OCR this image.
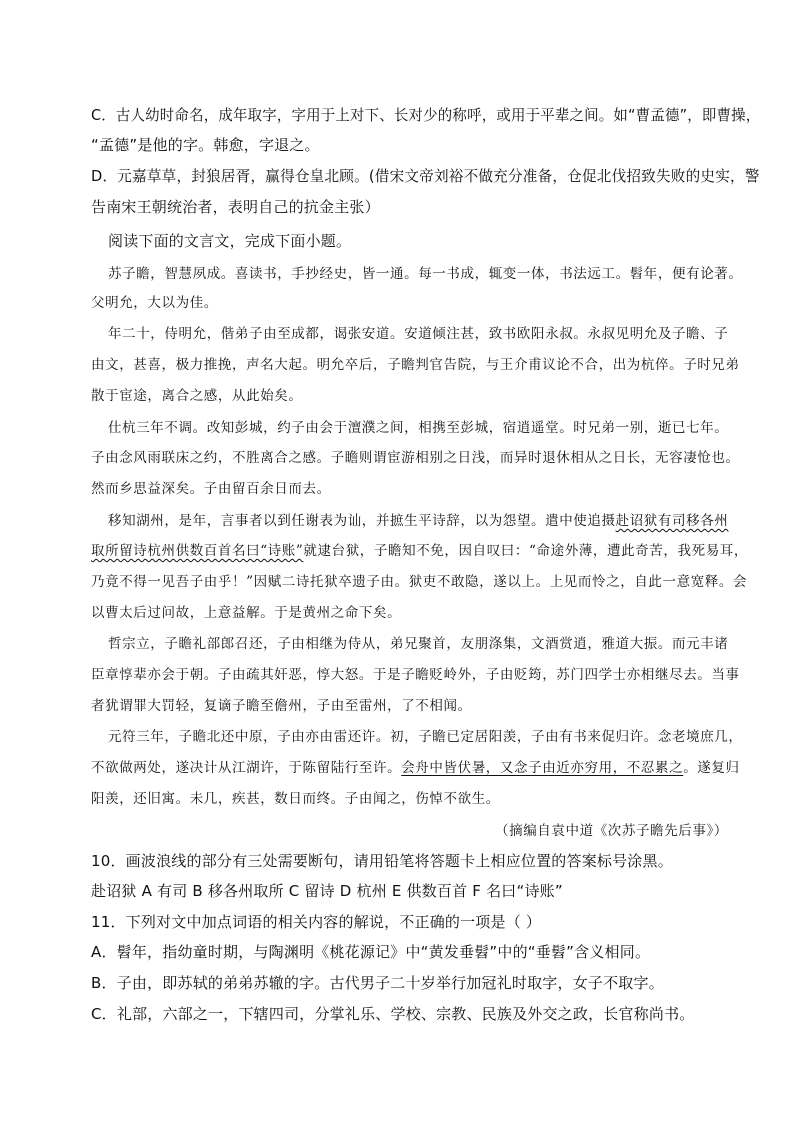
C．古人幼时命名，成年取字，字用于上对下、长对少的称呼，或用于平辈之间。如“曹孟德”，即曹操，
“孟德”是他的字。韩愈，字退之。
D．元嘉草草，封狼居胥，赢得仓皇北顾。(借宋文帝刘裕不做充分准备，仓促北伐招致失败的史实，警
告南宋王朝统治者，表明自己的抗金主张）
阅读下面的文言文，完成下面小题。
苏子瞻，智慧夙成。喜读书，手抄经史，皆一通。每一书成，辄变一体，书法远工。髫年，便有论著。
父明允，大以为佳。
年二十，侍明允，偕弟子由至成都，谒张安道。安道倾注甚，致书欧阳永叔。永叔见明允及子瞻、子
由文，甚喜，极力推挽，声名大起。明允卒后，子瞻判官告院，与王介甫议论不合，出为杭倅。子时兄弟
散于宦途，离合之感，从此始矣。
仕杭三年不调。改知彭城，约子由会于澶濮之间，相携至彭城，宿逍遥堂。时兄弟一别，逝已七年。
子由念风雨联床之约，不胜离合之感。子瞻则谓宦游相别之日浅，而异时退休相从之日长，无容凄怆也。
然而乡思益深矣。子由留百余日而去。
移知湖州，是年，言事者以到任谢表为讪，并摭生平诗辞，以为怨望。遣中使追摄赴诏狱有司移各州
取所留诗杭州供数百首名曰“诗账”就逮台狱，子瞻知不免，因自叹曰：“命途外薄，遭此奇苦，我死易耳，
乃竟不得一见吾子由乎！”因赋二诗托狱卒遗子由。狱吏不敢隐，遂以上。上见而怜之，自此一意宽释。会
以曹太后过问故，上意益解。于是黄州之命下矣。
哲宗立，子瞻礼部郎召还，子由相继为侍从，弟兄聚首，友朋涤集，文酒赏逍，雅道大振。而元丰诸
臣章惇辈亦会于朝。子由疏其奸恶，惇大怒。于是子瞻贬岭外，子由贬筠，苏门四学士亦相继尽去。当事
者犹谓罪大罚轻，复谪子瞻至儋州，子由至雷州，了不相闻。
元符三年，子瞻北还中原，子由亦由雷还许。初，子瞻已定居阳羡，子由有书来促归许。念老境庶几，
不欲做两处，遂决计从江湖许，于陈留陆行至许。会舟中皆伏暑，又念子由近亦穷用，不忍累之。遂复归
阳羡，还旧寓。未几，疾甚，数日而终。子由闻之，伤悼不欲生。
（摘编自袁中道《次苏子瞻先后事》）
10．画波浪线的部分有三处需要断句，请用铅笔将答题卡上相应位置的答案标号涂黑。
赴诏狱 A 有司 B 移各州取所 C 留诗 D 杭州 E 供数百首 F 名曰“诗账”
11．下列对文中加点词语的相关内容的解说，不正确的一项是（ ）
A．髫年，指幼童时期，与陶渊明《桃花源记》中“黄发垂髫”中的“垂髫”含义相同。
B．子由，即苏轼的弟弟苏辙的字。古代男子二十岁举行加冠礼时取字，女子不取字。
C．礼部，六部之一，下辖四司，分掌礼乐、学校、宗教、民族及外交之政，长官称尚书。
